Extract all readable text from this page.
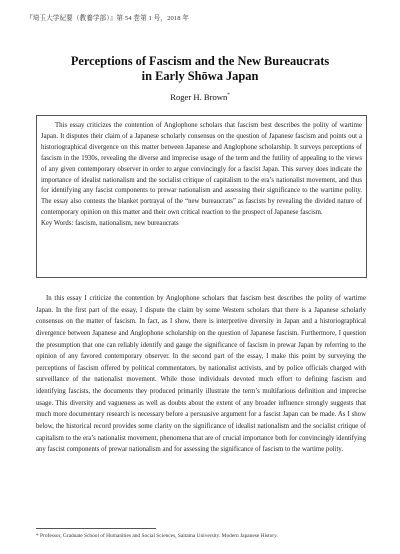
『埼玉大学紀要（教養学部）』第 54 巻第 1 号，2018 年
Perceptions of Fascism and the New Bureaucrats
in Early Shōwa Japan
Roger H. Brown*

This essay criticizes the contention of Anglophone scholars that fascism best describes the polity of wartime Japan. It disputes their claim of a Japanese scholarly consensus on the question of Japanese fascism and points out a historiographical divergence on this matter between Japanese and Anglophone scholarship. It surveys perceptions of fascism in the 1930s, revealing the diverse and imprecise usage of the term and the futility of appealing to the views of any given contemporary observer in order to argue convincingly for a fascist Japan. This survey does indicate the importance of idealist nationalism and the socialist critique of capitalism to the era’s nationalist movement, and thus for identifying any fascist components to prewar nationalism and assessing their significance to the wartime polity. The essay also contests the blanket portrayal of the “new bureaucrats” as fascists by revealing the divided nature of contemporary opinion on this matter and their own critical reaction to the prospect of Japanese fascism.

Key Words: fascism, nationalism, new bureaucrats

In this essay I criticize the contention by Anglophone scholars that fascism best describes the polity of wartime Japan. In the first part of the essay, I dispute the claim by some Western scholars that there is a Japanese scholarly consensus on the matter of fascism. In fact, as I show, there is interpretive diversity in Japan and a historiographical divergence between Japanese and Anglophone scholarship on the question of Japanese fascism. Furthermore, I question the presumption that one can reliably identify and gauge the significance of fascism in prewar Japan by referring to the opinion of any favored contemporary observer. In the second part of the essay, I make this point by surveying the perceptions of fascism offered by political commentators, by nationalist activists, and by police officials charged with surveillance of the nationalist movement. While those individuals devoted much effort to defining fascism and identifying fascists, the documents they produced primarily illustrate the term’s multifarious definition and imprecise usage. This diversity and vagueness as well as doubts about the extent of any broader influence strongly suggests that much more documentary research is necessary before a persuasive argument for a fascist Japan can be made. As I show below, the historical record provides some clarity on the significance of idealist nationalism and the socialist critique of capitalism to the era’s nationalist movement, phenomena that are of crucial importance both for convincingly identifying any fascist components of prewar nationalism and for assessing the significance of fascism to the wartime polity.

* Professor, Graduate School of Humanities and Social Sciences, Saitama University. Modern Japanese History.
